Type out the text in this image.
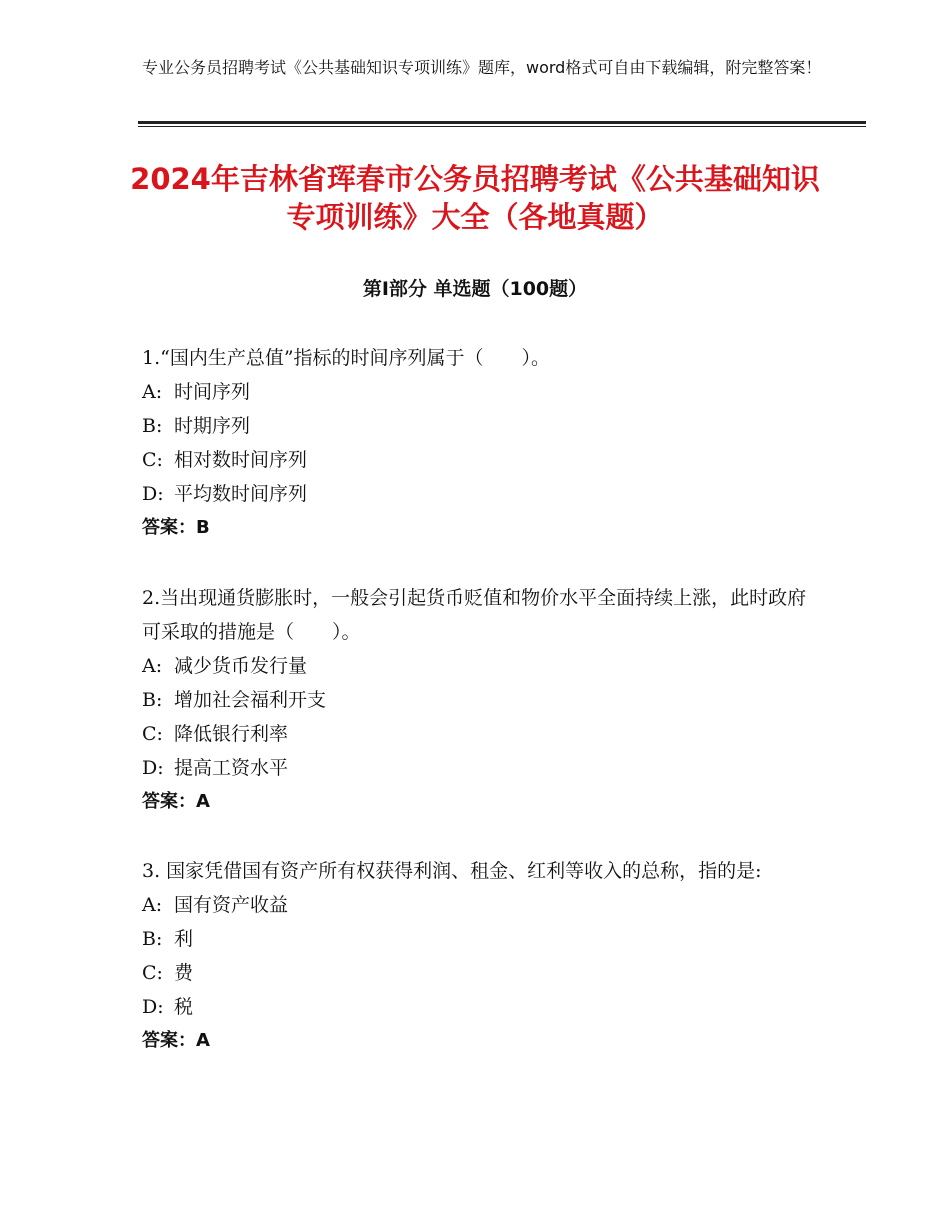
专业公务员招聘考试《公共基础知识专项训练》题库，word格式可自由下载编辑，附完整答案！
2024年吉林省珲春市公务员招聘考试《公共基础知识专项训练》大全（各地真题）
第Ⅰ部分 单选题（100题）

1.“国内生产总值”指标的时间序列属于（　　）。

A: 时间序列

B: 时期序列

C: 相对数时间序列

D: 平均数时间序列

答案：B

2.当出现通货膨胀时，一般会引起货币贬值和物价水平全面持续上涨，此时政府可采取的措施是（　　）。

A: 减少货币发行量

B: 增加社会福利开支

C: 降低银行利率

D: 提高工资水平

答案：A

3. 国家凭借国有资产所有权获得利润、租金、红利等收入的总称，指的是:

A: 国有资产收益

B: 利

C: 费

D: 税

答案：A
